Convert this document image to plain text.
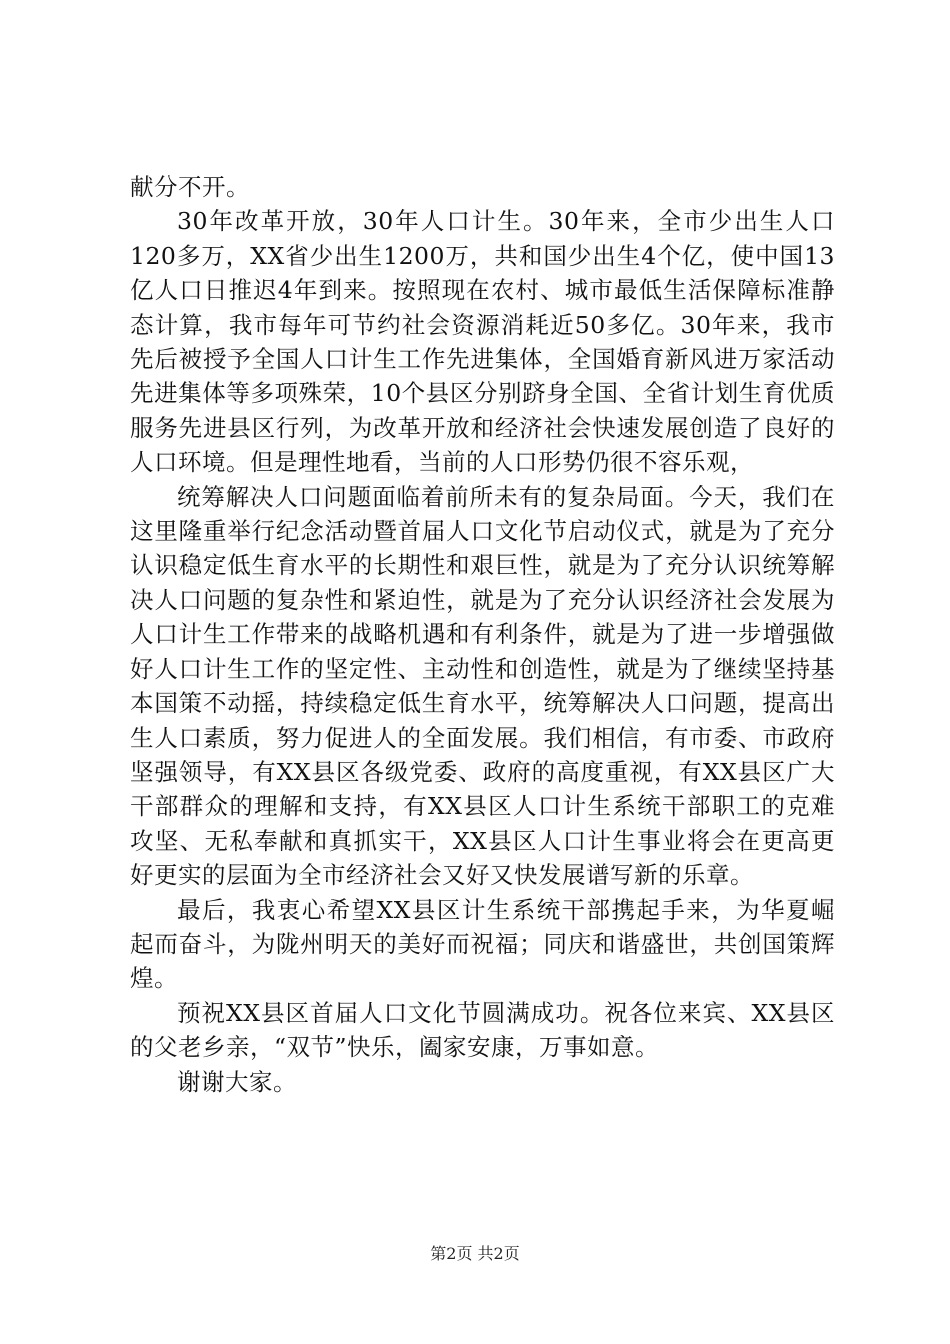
献分不开。

30年改革开放，30年人口计生。30年来，全市少出生人口120多万，XX省少出生1200万，共和国少出生4个亿，使中国13亿人口日推迟4年到来。按照现在农村、城市最低生活保障标准静态计算，我市每年可节约社会资源消耗近50多亿。30年来，我市先后被授予全国人口计生工作先进集体，全国婚育新风进万家活动先进集体等多项殊荣，10个县区分别跻身全国、全省计划生育优质服务先进县区行列，为改革开放和经济社会快速发展创造了良好的人口环境。但是理性地看，当前的人口形势仍很不容乐观，

统筹解决人口问题面临着前所未有的复杂局面。今天，我们在这里隆重举行纪念活动暨首届人口文化节启动仪式，就是为了充分认识稳定低生育水平的长期性和艰巨性，就是为了充分认识统筹解决人口问题的复杂性和紧迫性，就是为了充分认识经济社会发展为人口计生工作带来的战略机遇和有利条件，就是为了进一步增强做好人口计生工作的坚定性、主动性和创造性，就是为了继续坚持基本国策不动摇，持续稳定低生育水平，统筹解决人口问题，提高出生人口素质，努力促进人的全面发展。我们相信，有市委、市政府坚强领导，有XX县区各级党委、政府的高度重视，有XX县区广大干部群众的理解和支持，有XX县区人口计生系统干部职工的克难攻坚、无私奉献和真抓实干，XX县区人口计生事业将会在更高更好更实的层面为全市经济社会又好又快发展谱写新的乐章。

最后，我衷心希望XX县区计生系统干部携起手来，为华夏崛起而奋斗，为陇州明天的美好而祝福；同庆和谐盛世，共创国策辉煌。

预祝XX县区首届人口文化节圆满成功。祝各位来宾、XX县区的父老乡亲，“双节”快乐，阖家安康，万事如意。

谢谢大家。

第2页 共2页
